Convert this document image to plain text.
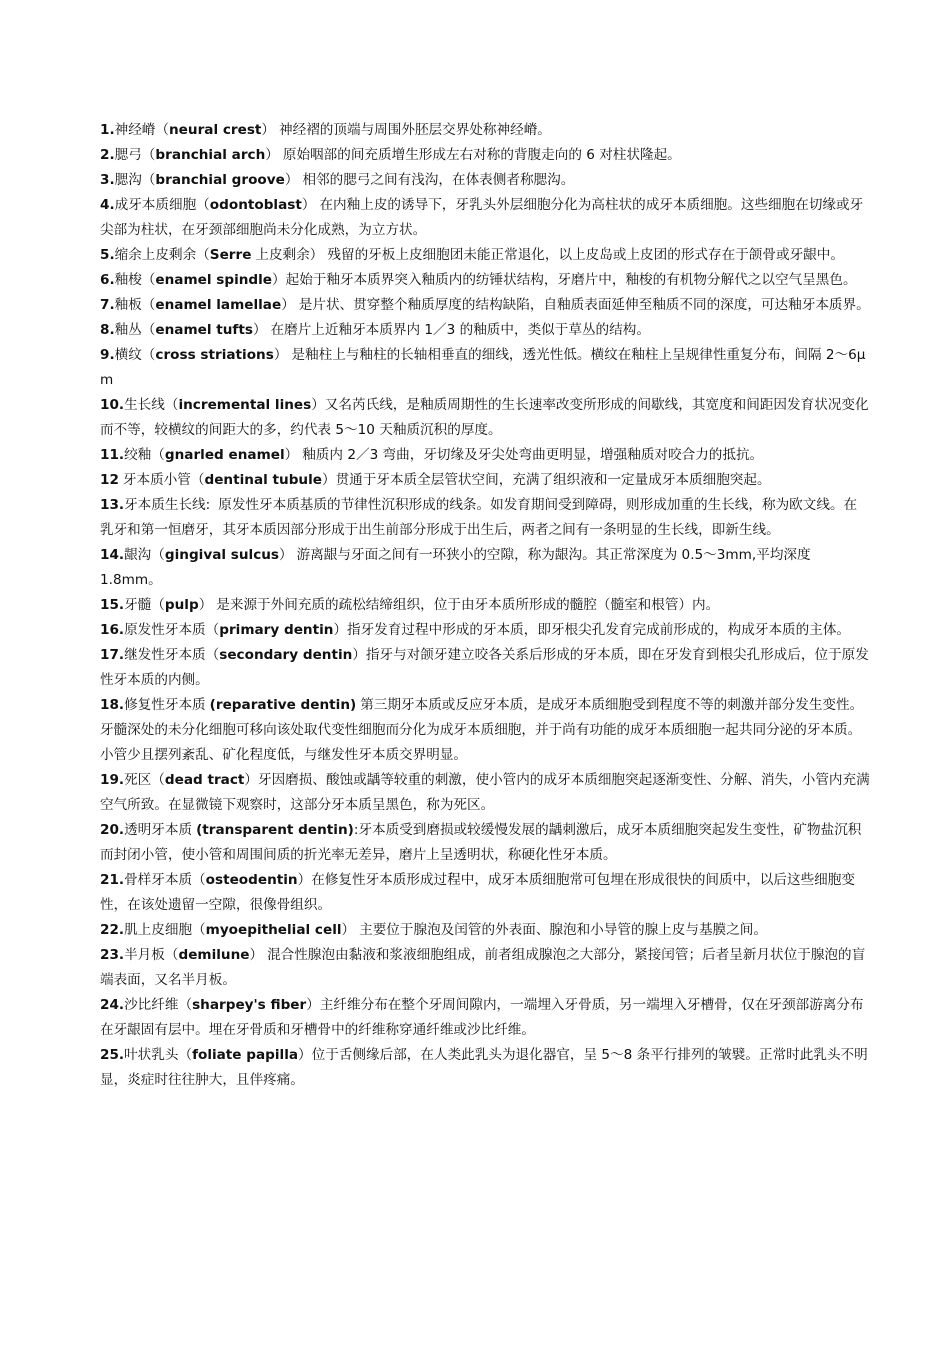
1.神经嵴（neural crest） 神经褶的顶端与周围外胚层交界处称神经嵴。

2.腮弓（branchial arch） 原始咽部的间充质增生形成左右对称的背腹走向的 6 对柱状隆起。

3.腮沟（branchial groove） 相邻的腮弓之间有浅沟，在体表侧者称腮沟。

4.成牙本质细胞（odontoblast） 在内釉上皮的诱导下，牙乳头外层细胞分化为高柱状的成牙本质细胞。这些细胞在切缘或牙尖部为柱状，在牙颈部细胞尚未分化成熟，为立方状。

5.缩余上皮剩余（Serre 上皮剩余） 残留的牙板上皮细胞团未能正常退化，以上皮岛或上皮团的形式存在于颌骨或牙龈中。

6.釉梭（enamel spindle）起始于釉牙本质界突入釉质内的纺锤状结构，牙磨片中，釉梭的有机物分解代之以空气呈黑色。

7.釉板（enamel lamellae） 是片状、贯穿整个釉质厚度的结构缺陷，自釉质表面延伸至釉质不同的深度，可达釉牙本质界。

8.釉丛（enamel tufts） 在磨片上近釉牙本质界内 1／3 的釉质中，类似于草丛的结构。

9.横纹（cross striations） 是釉柱上与釉柱的长轴相垂直的细线，透光性低。横纹在釉柱上呈规律性重复分布，间隔 2～6μ m

10.生长线（incremental lines）又名芮氏线，是釉质周期性的生长速率改变所形成的间歇线，其宽度和间距因发育状况变化而不等，较横纹的间距大的多，约代表 5～10 天釉质沉积的厚度。

11.绞釉（gnarled enamel） 釉质内 2／3 弯曲，牙切缘及牙尖处弯曲更明显，增强釉质对咬合力的抵抗。

12 牙本质小管（dentinal tubule）贯通于牙本质全层管状空间，充满了组织液和一定量成牙本质细胞突起。

13.牙本质生长线: 原发性牙本质基质的节律性沉积形成的线条。如发育期间受到障碍，则形成加重的生长线，称为欧文线。在乳牙和第一恒磨牙，其牙本质因部分形成于出生前部分形成于出生后，两者之间有一条明显的生长线，即新生线。

14.龈沟（gingival sulcus） 游离龈与牙面之间有一环狭小的空隙，称为龈沟。其正常深度为 0.5～3mm,平均深度 1.8mm。

15.牙髓（pulp） 是来源于外间充质的疏松结缔组织，位于由牙本质所形成的髓腔（髓室和根管）内。

16.原发性牙本质（primary dentin）指牙发育过程中形成的牙本质，即牙根尖孔发育完成前形成的，构成牙本质的主体。

17.继发性牙本质（secondary dentin）指牙与对颌牙建立咬各关系后形成的牙本质，即在牙发育到根尖孔形成后，位于原发性牙本质的内侧。

18.修复性牙本质 (reparative dentin) 第三期牙本质或反应牙本质，是成牙本质细胞受到程度不等的刺激并部分发生变性。牙髓深处的未分化细胞可移向该处取代变性细胞而分化为成牙本质细胞，并于尚有功能的成牙本质细胞一起共同分泌的牙本质。小管少且摆列紊乱、矿化程度低，与继发性牙本质交界明显。

19.死区（dead tract）牙因磨损、酸蚀或龋等较重的刺激，使小管内的成牙本质细胞突起逐渐变性、分解、消失，小管内充满空气所致。在显微镜下观察时，这部分牙本质呈黑色，称为死区。

20.透明牙本质 (transparent dentin):牙本质受到磨损或较缓慢发展的龋刺激后，成牙本质细胞突起发生变性，矿物盐沉积而封闭小管，使小管和周围间质的折光率无差异，磨片上呈透明状，称硬化性牙本质。

21.骨样牙本质（osteodentin）在修复性牙本质形成过程中，成牙本质细胞常可包埋在形成很快的间质中，以后这些细胞变性，在该处遗留一空隙，很像骨组织。

22.肌上皮细胞（myoepithelial cell） 主要位于腺泡及闰管的外表面、腺泡和小导管的腺上皮与基膜之间。

23.半月板（demilune） 混合性腺泡由黏液和浆液细胞组成，前者组成腺泡之大部分，紧接闰管；后者呈新月状位于腺泡的盲端表面，又名半月板。

24.沙比纤维（sharpey's fiber）主纤维分布在整个牙周间隙内，一端埋入牙骨质，另一端埋入牙槽骨，仅在牙颈部游离分布在牙龈固有层中。埋在牙骨质和牙槽骨中的纤维称穿通纤维或沙比纤维。

25.叶状乳头（foliate papilla）位于舌侧缘后部，在人类此乳头为退化器官，呈 5～8 条平行排列的皱襞。正常时此乳头不明显，炎症时往往肿大，且伴疼痛。
